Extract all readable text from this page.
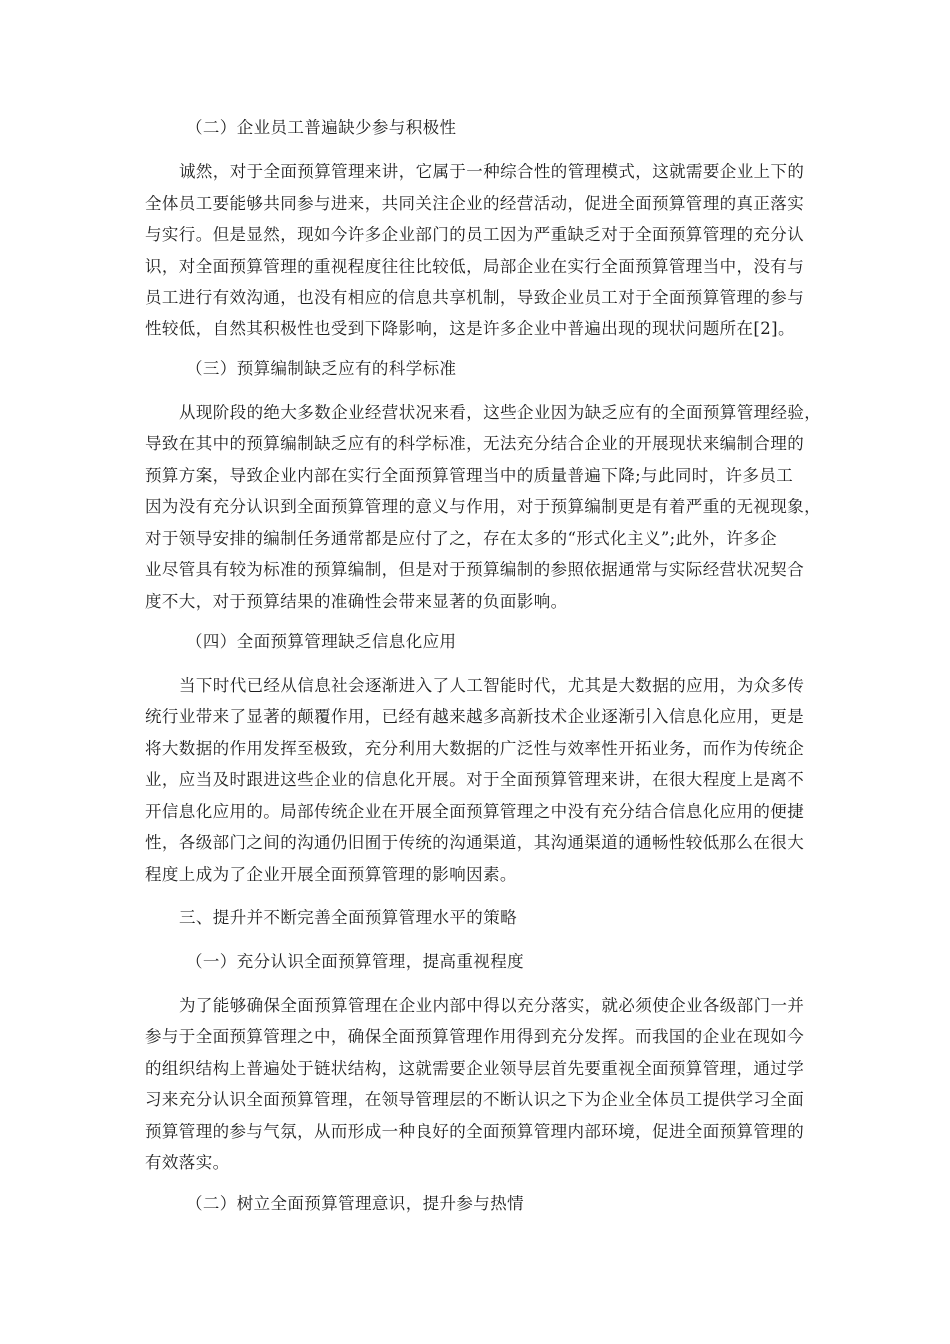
（二）企业员工普遍缺少参与积极性
诚然，对于全面预算管理来讲，它属于一种综合性的管理模式，这就需要企业上下的
全体员工要能够共同参与进来，共同关注企业的经营活动，促进全面预算管理的真正落实
与实行。但是显然，现如今许多企业部门的员工因为严重缺乏对于全面预算管理的充分认
识，对全面预算管理的重视程度往往比较低，局部企业在实行全面预算管理当中，没有与
员工进行有效沟通，也没有相应的信息共享机制，导致企业员工对于全面预算管理的参与
性较低，自然其积极性也受到下降影响，这是许多企业中普遍出现的现状问题所在[2]。
（三）预算编制缺乏应有的科学标准
从现阶段的绝大多数企业经营状况来看，这些企业因为缺乏应有的全面预算管理经验，
导致在其中的预算编制缺乏应有的科学标准，无法充分结合企业的开展现状来编制合理的
预算方案，导致企业内部在实行全面预算管理当中的质量普遍下降;与此同时，许多员工
因为没有充分认识到全面预算管理的意义与作用，对于预算编制更是有着严重的无视现象，
对于领导安排的编制任务通常都是应付了之，存在太多的“形式化主义”;此外，许多企
业尽管具有较为标准的预算编制，但是对于预算编制的参照依据通常与实际经营状况契合
度不大，对于预算结果的准确性会带来显著的负面影响。
（四）全面预算管理缺乏信息化应用
当下时代已经从信息社会逐渐进入了人工智能时代，尤其是大数据的应用，为众多传
统行业带来了显著的颠覆作用，已经有越来越多高新技术企业逐渐引入信息化应用，更是
将大数据的作用发挥至极致，充分利用大数据的广泛性与效率性开拓业务，而作为传统企
业，应当及时跟进这些企业的信息化开展。对于全面预算管理来讲，在很大程度上是离不
开信息化应用的。局部传统企业在开展全面预算管理之中没有充分结合信息化应用的便捷
性，各级部门之间的沟通仍旧囿于传统的沟通渠道，其沟通渠道的通畅性较低那么在很大
程度上成为了企业开展全面预算管理的影响因素。
三、提升并不断完善全面预算管理水平的策略
（一）充分认识全面预算管理，提高重视程度
为了能够确保全面预算管理在企业内部中得以充分落实，就必须使企业各级部门一并
参与于全面预算管理之中，确保全面预算管理作用得到充分发挥。而我国的企业在现如今
的组织结构上普遍处于链状结构，这就需要企业领导层首先要重视全面预算管理，通过学
习来充分认识全面预算管理，在领导管理层的不断认识之下为企业全体员工提供学习全面
预算管理的参与气氛，从而形成一种良好的全面预算管理内部环境，促进全面预算管理的
有效落实。
（二）树立全面预算管理意识，提升参与热情
